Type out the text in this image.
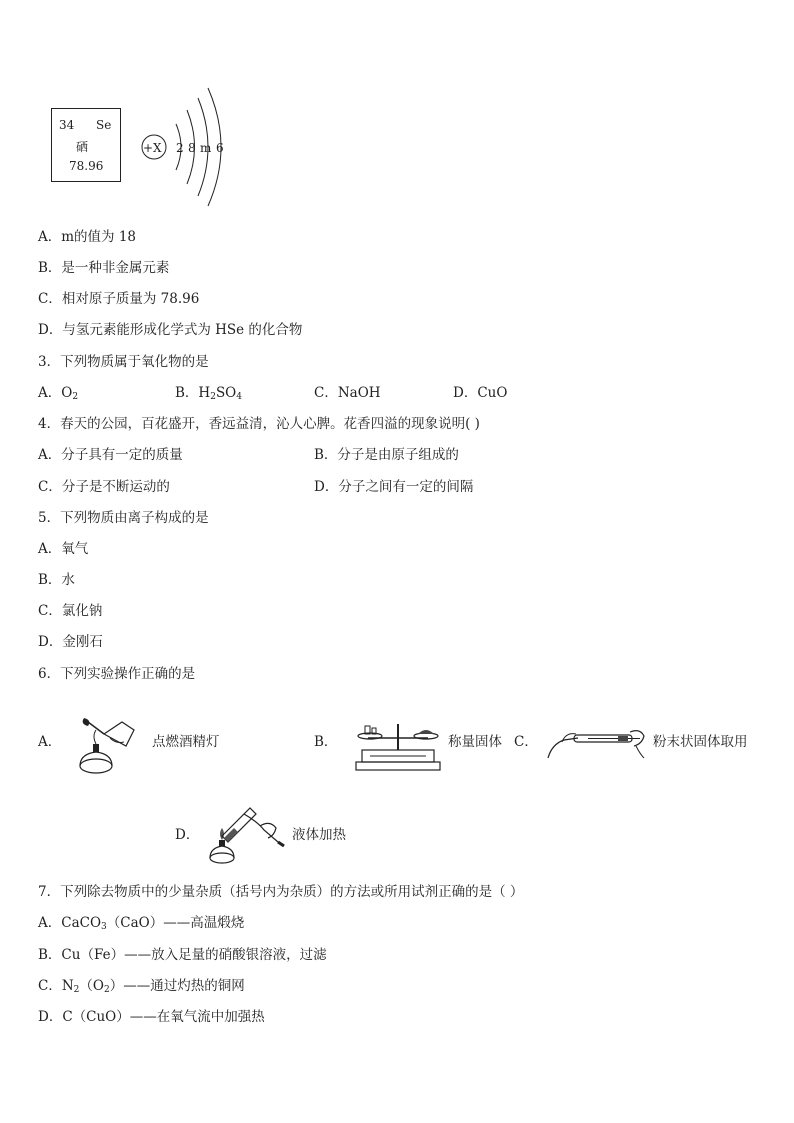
34 Se
硒
78.96
+X 2 8 m 6
A．m的值为 18
B．是一种非金属元素
C．相对原子质量为 78.96
D．与氢元素能形成化学式为 HSe 的化合物
3．下列物质属于氧化物的是
A．$O_2$	B．$H_2SO_4$	C．NaOH	D．CuO
4．春天的公园，百花盛开，香远益清，沁人心脾。花香四溢的现象说明( )
A．分子具有一定的质量	B．分子是由原子组成的
C．分子是不断运动的	D．分子之间有一定的间隔
5．下列物质由离子构成的是
A．氧气
B．水
C．氯化钠
D．金刚石
6．下列实验操作正确的是
A．	点燃酒精灯	B．	称量固体 C．	粉末状固体取用
D．	液体加热
7．下列除去物质中的少量杂质（括号内为杂质）的方法或所用试剂正确的是（ ）
A．CaCO$_3$（CaO）——高温煅烧
B．Cu（Fe）——放入足量的硝酸银溶液，过滤
C．$N_2(O_2)——$通过灼热的铜网
D．C（CuO）——在氧气流中加强热
